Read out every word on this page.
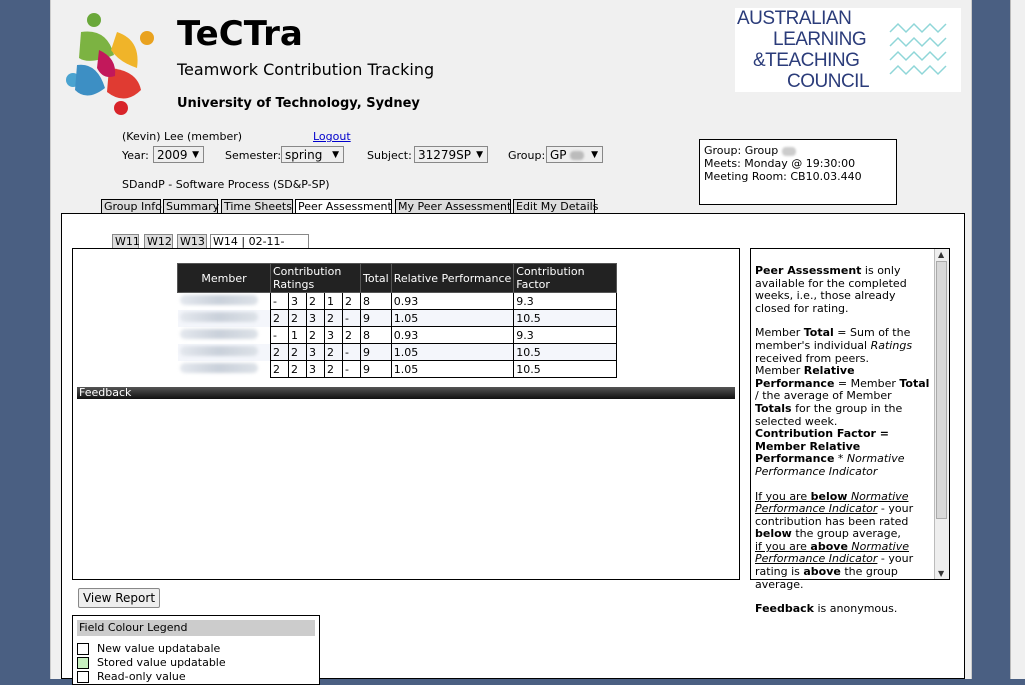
TeCTra
Teamwork Contribution Tracking
University of Technology, Sydney
AUSTRALIAN
LEARNING
&TEACHING
COUNCIL
(Kevin) Lee (member)	Logout
Year: 2009 ▼ Semester: spring ▼	Subject: 31279SP ▼ Group: GP	▼
SDandP - Software Process (SD&P-SP)
Group: Group
Meets: Monday @ 19:30:00
Meeting Room: CB10.03.440
Group Info Summary Time Sheets Peer Assessment My Peer Assessment Edit My Details
W11 W12 W13 W14 | 02-11-
Member	Contribution Ratings					Total	Relative Performance	Contribution Factor
	-	3	2	1	2	8	0.93	9.3
	2	2	3	2	-	9	1.05	10.5
	-	1	2	3	2	8	0.93	9.3
	2	2	3	2	-	9	1.05	10.5
	2	2	3	2	-	9	1.05	10.5
Feedback

Peer Assessment is only available for the completed weeks, i.e., those already closed for rating.

Member Total = Sum of the member's individual Ratings received from peers.
Member Relative Performance = Member Total / the average of Member Totals for the group in the selected week.
Contribution Factor = Member Relative Performance * Normative Performance Indicator

If you are below Normative Performance Indicator - your contribution has been rated below the group average,
if you are above Normative Performance Indicator - your rating is above the group average.

Feedback is anonymous.

▲
▼
View Report
Field Colour Legend
New value updatabale
Stored value updatable
Read-only value
